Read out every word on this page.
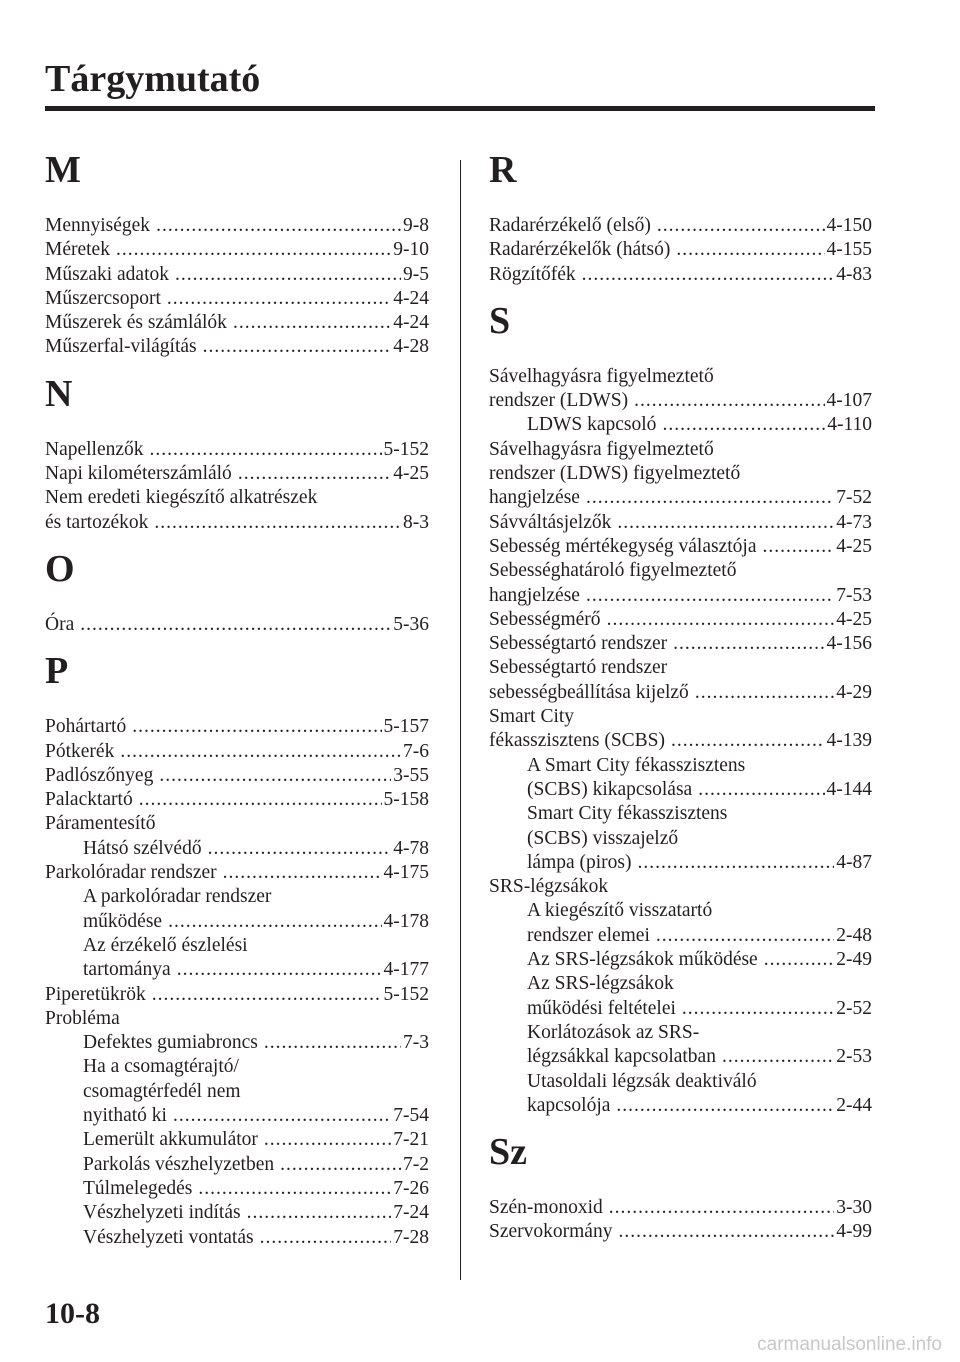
Tárgymutató
M
Mennyiségek .....	9-8
Méretek .....	9-10
Műszaki adatok .....	9-5
Műszercsoport .....	4-24
Műszerek és számlálók .....	4-24
Műszerfal-világítás .....	4-28
N
Napellenzők .....	5-152
Napi kilométerszámláló .....	4-25
Nem eredeti kiegészítő alkatrészek
és tartozékok .....	8-3
O
Óra .....	5-36
P
Pohártartó .....	5-157
Pótkerék .....	7-6
Padlószőnyeg .....	3-55
Palacktartó .....	5-158
Páramentesítő
Hátsó szélvédő .....	4-78
Parkolóradar rendszer .....	4-175
A parkolóradar rendszer
működése .....	4-178
Az érzékelő észlelési
tartománya .....	4-177
Piperetükrök .....	5-152
Probléma
Defektes gumiabroncs .....	7-3
Ha a csomagtérajtó/
csomagtérfedél nem
nyitható ki .....	7-54
Lemerült akkumulátor .....	7-21
Parkolás vészhelyzetben .....	7-2
Túlmelegedés .....	7-26
Vészhelyzeti indítás .....	7-24
Vészhelyzeti vontatás .....	7-28
R
Radarérzékelő (első) .....	4-150
Radarérzékelők (hátsó) .....	4-155
Rögzítőfék .....	4-83
S
Sávelhagyásra figyelmeztető
rendszer (LDWS) .....	4-107
LDWS kapcsoló .....	4-110
Sávelhagyásra figyelmeztető
rendszer (LDWS) figyelmeztető
hangjelzése .....	7-52
Sávváltásjelzők .....	4-73
Sebesség mértékegység választója .....	4-25
Sebességhatároló figyelmeztető
hangjelzése .....	7-53
Sebességmérő .....	4-25
Sebességtartó rendszer .....	4-156
Sebességtartó rendszer
sebességbeállítása kijelző .....	4-29
Smart City
fékasszisztens (SCBS) .....	4-139
A Smart City fékasszisztens
(SCBS) kikapcsolása .....	4-144
Smart City fékasszisztens
(SCBS) visszajelző
lámpa (piros) .....	4-87
SRS-légzsákok
A kiegészítő visszatartó
rendszer elemei .....	2-48
Az SRS-légzsákok működése .....	2-49
Az SRS-légzsákok
működési feltételei .....	2-52
Korlátozások az SRS-
légzsákkal kapcsolatban .....	2-53
Utasoldali légzsák deaktiváló
kapcsolója .....	2-44
Sz
Szén-monoxid .....	3-30
Szervokormány .....	4-99
10-8
carmanualsonline.info
